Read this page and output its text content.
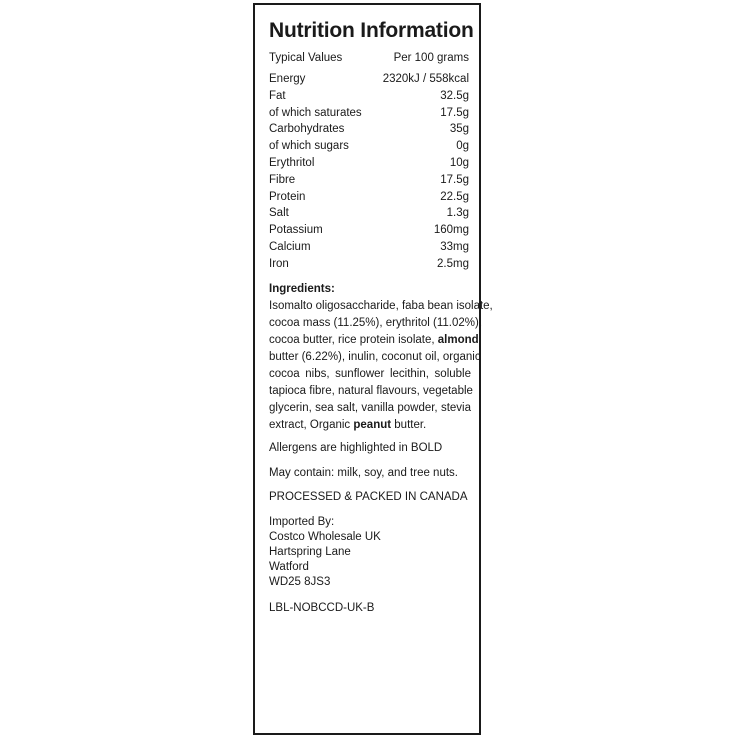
Nutrition Information
Typical Values	Per 100 grams
Energy	2320kJ / 558kcal
Fat	32.5g
of which saturates	17.5g
Carbohydrates	35g
of which sugars	0g
Erythritol	10g
Fibre	17.5g
Protein	22.5g
Salt	1.3g
Potassium	160mg
Calcium	33mg
Iron	2.5mg
Ingredients:
Isomalto oligosaccharide, faba bean isolate,
cocoa mass (11.25%), erythritol (11.02%),
cocoa butter, rice protein isolate, almond
butter (6.22%), inulin, coconut oil, organic
cocoa nibs, sunflower lecithin, soluble
tapioca fibre, natural flavours, vegetable
glycerin, sea salt, vanilla powder, stevia
extract, Organic peanut butter.
Allergens are highlighted in BOLD
May contain: milk, soy, and tree nuts.
PROCESSED & PACKED IN CANADA
Imported By:
Costco Wholesale UK
Hartspring Lane
Watford
WD25 8JS3
LBL-NOBCCD-UK-B
